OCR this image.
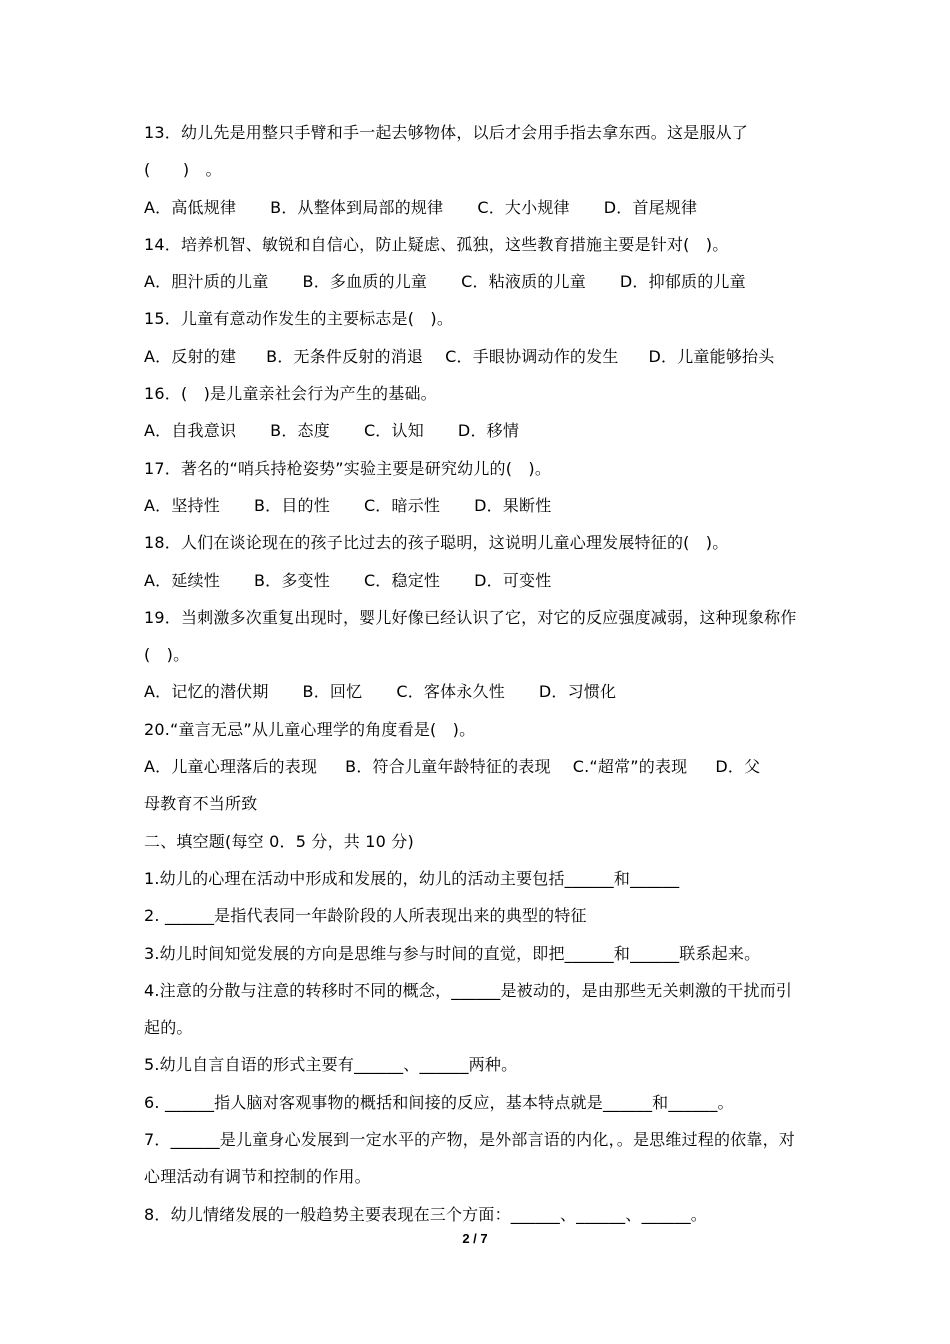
13．幼儿先是用整只手臂和手一起去够物体，以后才会用手指去拿东西。这是服从了
(　　)　。
A．高低规律 B．从整体到局部的规律 C．大小规律 D．首尾规律
14．培养机智、敏锐和自信心，防止疑虑、孤独，这些教育措施主要是针对(　)。
A．胆汁质的儿童 B．多血质的儿童 C．粘液质的儿童 D．抑郁质的儿童
15．儿童有意动作发生的主要标志是(　)。
A．反射的建 B．无条件反射的消退 C．手眼协调动作的发生 D．儿童能够抬头
16．(　)是儿童亲社会行为产生的基础。
A．自我意识 B．态度 C．认知 D．移情
17．著名的“哨兵持枪姿势”实验主要是研究幼儿的(　)。
A．坚持性 B．目的性 C．暗示性 D．果断性
18．人们在谈论现在的孩子比过去的孩子聪明，这说明儿童心理发展特征的(　)。
A．延续性 B．多变性 C．稳定性 D．可变性
19．当刺激多次重复出现时，婴儿好像已经认识了它，对它的反应强度减弱，这种现象称作
(　)。
A．记忆的潜伏期 B．回忆 C．客体永久性 D．习惯化
20.“童言无忌”从儿童心理学的角度看是(　)。
A．儿童心理落后的表现 B．符合儿童年龄特征的表现 C.“超常”的表现 D．父
母教育不当所致
二、填空题(每空 0．5 分，共 10 分)
1.幼儿的心理在活动中形成和发展的，幼儿的活动主要包括______和______
2. ______是指代表同一年龄阶段的人所表现出来的典型的特征
3.幼儿时间知觉发展的方向是思维与参与时间的直觉，即把______和______联系起来。
4.注意的分散与注意的转移时不同的概念，______是被动的，是由那些无关刺激的干扰而引
起的。
5.幼儿自言自语的形式主要有______、______两种。
6. ______指人脑对客观事物的概括和间接的反应，基本特点就是______和______。
7．______是儿童身心发展到一定水平的产物，是外部言语的内化，。是思维过程的依靠，对
心理活动有调节和控制的作用。
8．幼儿情绪发展的一般趋势主要表现在三个方面：______、______、______。
2 / 7
